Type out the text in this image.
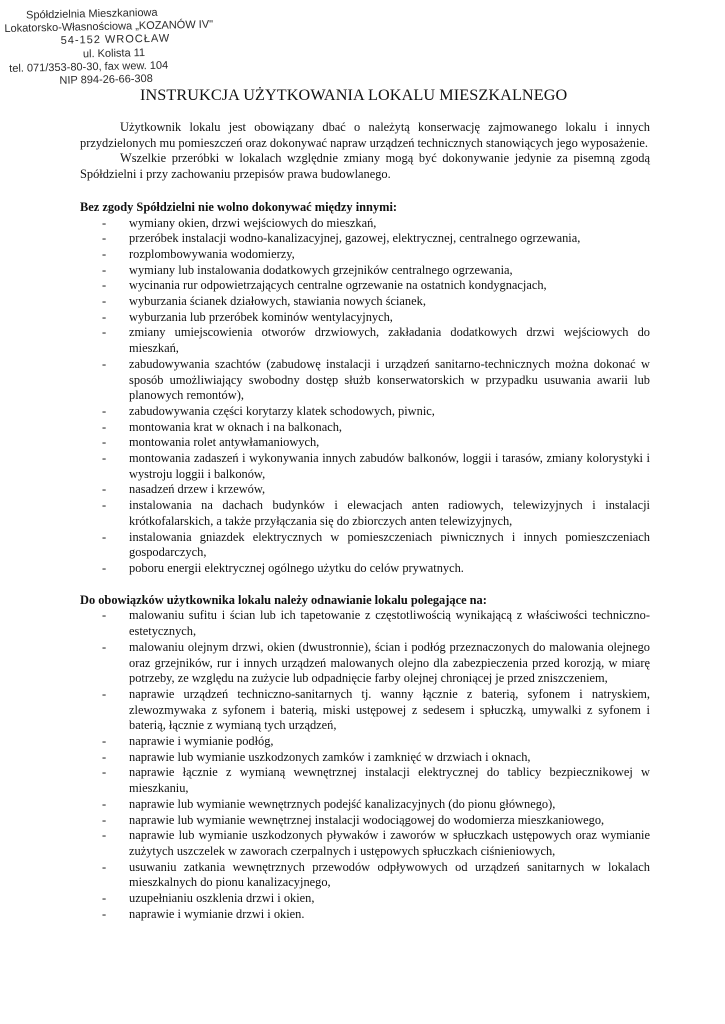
Spółdzielnia Mieszkaniowa
Lokatorsko-Własnościowa „KOZANÓW IV"
54-152 WROCŁAW
ul. Kolista 11
tel. 071/353-80-30, fax wew. 104
NIP 894-26-66-308
INSTRUKCJA UŻYTKOWANIA LOKALU MIESZKALNEGO

Użytkownik lokalu jest obowiązany dbać o należytą konserwację zajmowanego lokalu i innych przydzielonych mu pomieszczeń oraz dokonywać napraw urządzeń technicznych stanowiących jego wyposażenie.

Wszelkie przeróbki w lokalach względnie zmiany mogą być dokonywanie jedynie za pisemną zgodą Spółdzielni i przy zachowaniu przepisów prawa budowlanego.

Bez zgody Spółdzielni nie wolno dokonywać między innymi:
- wymiany okien, drzwi wejściowych do mieszkań,
- przeróbek instalacji wodno-kanalizacyjnej, gazowej, elektrycznej, centralnego ogrzewania,
- rozplombowywania wodomierzy,
- wymiany lub instalowania dodatkowych grzejników centralnego ogrzewania,
- wycinania rur odpowietrzających centralne ogrzewanie na ostatnich kondygnacjach,
- wyburzania ścianek działowych, stawiania nowych ścianek,
- wyburzania lub przeróbek kominów wentylacyjnych,
- zmiany umiejscowienia otworów drzwiowych, zakładania dodatkowych drzwi wejściowych do mieszkań,
- zabudowywania szachtów (zabudowę instalacji i urządzeń sanitarno-technicznych można dokonać w sposób umożliwiający swobodny dostęp służb konserwatorskich w przypadku usuwania awarii lub planowych remontów),
- zabudowywania części korytarzy klatek schodowych, piwnic,
- montowania krat w oknach i na balkonach,
- montowania rolet antywłamaniowych,
- montowania zadaszeń i wykonywania innych zabudów balkonów, loggii i tarasów, zmiany kolorystyki i wystroju loggii i balkonów,
- nasadzeń drzew i krzewów,
- instalowania na dachach budynków i elewacjach anten radiowych, telewizyjnych i instalacji krótkofalarskich, a także przyłączania się do zbiorczych anten telewizyjnych,
- instalowania gniazdek elektrycznych w pomieszczeniach piwnicznych i innych pomieszczeniach gospodarczych,
- poboru energii elektrycznej ogólnego użytku do celów prywatnych.
Do obowiązków użytkownika lokalu należy odnawianie lokalu polegające na:
- malowaniu sufitu i ścian lub ich tapetowanie z częstotliwością wynikającą z właściwości techniczno-estetycznych,
- malowaniu olejnym drzwi, okien (dwustronnie), ścian i podłóg przeznaczonych do malowania olejnego oraz grzejników, rur i innych urządzeń malowanych olejno dla zabezpieczenia przed korozją, w miarę potrzeby, ze względu na zużycie lub odpadnięcie farby olejnej chroniącej je przed zniszczeniem,
- naprawie urządzeń techniczno-sanitarnych tj. wanny łącznie z baterią, syfonem i natryskiem, zlewozmywaka z syfonem i baterią, miski ustępowej z sedesem i spłuczką, umywalki z syfonem i baterią, łącznie z wymianą tych urządzeń,
- naprawie i wymianie podłóg,
- naprawie lub wymianie uszkodzonych zamków i zamknięć w drzwiach i oknach,
- naprawie łącznie z wymianą wewnętrznej instalacji elektrycznej do tablicy bezpiecznikowej w mieszkaniu,
- naprawie lub wymianie wewnętrznych podejść kanalizacyjnych (do pionu głównego),
- naprawie lub wymianie wewnętrznej instalacji wodociągowej do wodomierza mieszkaniowego,
- naprawie lub wymianie uszkodzonych pływaków i zaworów w spłuczkach ustępowych oraz wymianie zużytych uszczelek w zaworach czerpalnych i ustępowych spłuczkach ciśnieniowych,
- usuwaniu zatkania wewnętrznych przewodów odpływowych od urządzeń sanitarnych w lokalach mieszkalnych do pionu kanalizacyjnego,
- uzupełnianiu oszklenia drzwi i okien,
- naprawie i wymianie drzwi i okien.
